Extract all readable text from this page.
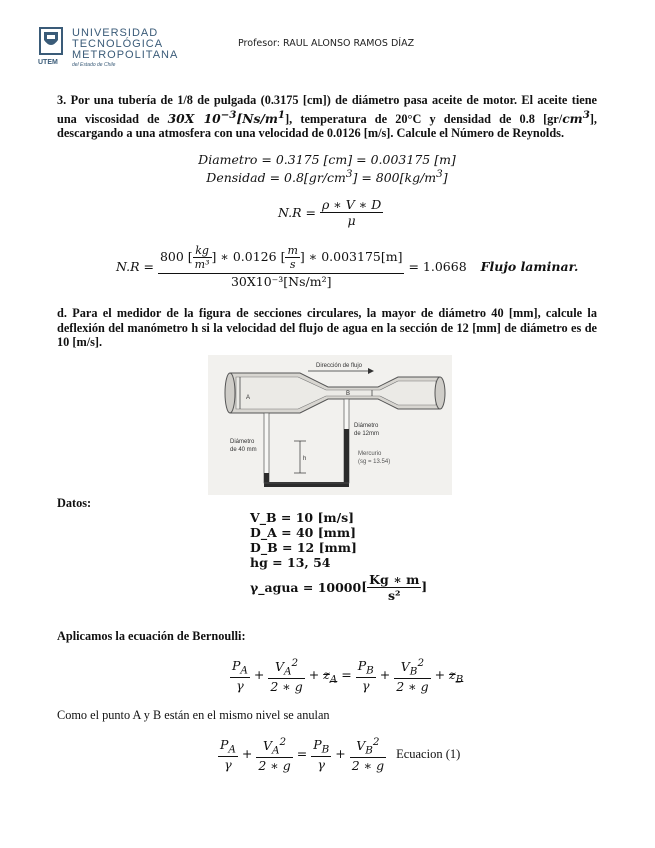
UTEM
UNIVERSIDAD
TECNOLÓGICA
METROPOLITANA
del Estado de Chile
Profesor: RAUL ALONSO RAMOS DÍAZ
3. Por una tubería de 1/8 de pulgada (0.3175 [cm]) de diámetro pasa aceite de motor. El aceite tiene una viscosidad de 30X $10^{-3}[Ns/m^1]$, temperatura de 20°C y densidad de 0.8 $[gr/cm^3]$, descargando a una atmosfera con una velocidad de 0.0126 [m/s]. Calcule el Número de Reynolds.
Diametro = 0.3175 [cm] = 0.003175 [m]
Densidad = $0.8[gr/cm^3] = 800[kg/m^3]$
$N.R = \frac{\rho ∗ V ∗ D}{\mu}$
N.R =
800 [ $\frac{kg}{\text{m³}}$ ] ∗ 0.0126 [ $\frac{m}{s}$ ] ∗ 0.003175[m]
30X10⁻³[Ns/m²]
= 1.0668 Flujo laminar.
d. Para el medidor de la figura de secciones circulares, la mayor de diámetro 40 [mm], calcule la deflexión del manómetro h si la velocidad del flujo de agua en la sección de 12 [mm] de diámetro es de 10 [m/s].
Dirección de flujo
A
B
h
Diámetro
de 40 mm
Diámetro
de 12mm
Mercurio
(sg = 13.54)
Datos:
V_B = 10 [m/s]
D_A = 40 [mm]
D_B = 12 [mm]
hg = 13, 54
γ_agua = $10000[ \frac{Kg ∗ m}{\text{s²}}$ ]
Aplicamos la ecuación de Bernoulli:
$\frac{P_A}{\gamma} + \frac{V_A^2}{2 ∗ g} + z_A = \frac{P_B}{\gamma} + \frac{V_B^2}{2 ∗ g} + z_B$
Como el punto A y B están en el mismo nivel se anulan
$\frac{P_A}{\gamma} + \frac{V_A^2}{2 ∗ g} = \frac{P_B}{\gamma} + \frac{V_B^2}{2 ∗ g}$ Ecuacion (1)
